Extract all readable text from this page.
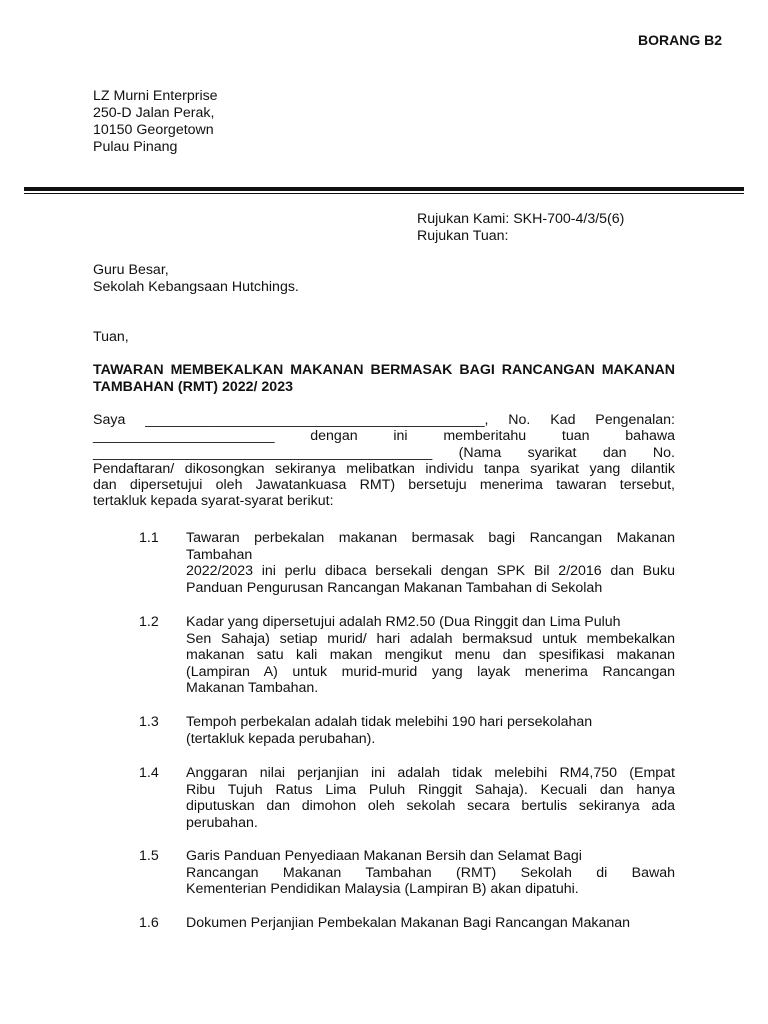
BORANG B2
LZ Murni Enterprise
250-D Jalan Perak,
10150 Georgetown
Pulau Pinang
Rujukan Kami: SKH-700-4/3/5(6)
Rujukan Tuan:
Guru Besar,
Sekolah Kebangsaan Hutchings.
Tuan,
TAWARAN MEMBEKALKAN MAKANAN BERMASAK BAGI RANCANGAN MAKANAN TAMBAHAN (RMT) 2022/ 2023
Saya ___________________________________________, No. Kad Pengenalan:
_______________________ dengan ini memberitahu tuan bahawa
___________________________________________ (Nama syarikat dan No.
Pendaftaran/ dikosongkan sekiranya melibatkan individu tanpa syarikat yang dilantik
dan dipersetujui oleh Jawatankuasa RMT) bersetuju menerima tawaran tersebut,
tertakluk kepada syarat-syarat berikut:
1.1	Tawaran perbekalan makanan bermasak bagi Rancangan Makanan
Tambahan
2022/2023 ini perlu dibaca bersekali dengan SPK Bil 2/2016 dan Buku
Panduan Pengurusan Rancangan Makanan Tambahan di Sekolah
1.2	Kadar yang dipersetujui adalah RM2.50 (Dua Ringgit dan Lima Puluh
Sen Sahaja) setiap murid/ hari adalah bermaksud untuk membekalkan
makanan satu kali makan mengikut menu dan spesifikasi makanan
(Lampiran A) untuk murid-murid yang layak menerima Rancangan
Makanan Tambahan.
1.3	Tempoh perbekalan adalah tidak melebihi 190 hari persekolahan
(tertakluk kepada perubahan).
1.4	Anggaran nilai perjanjian ini adalah tidak melebihi RM4,750 (Empat
Ribu Tujuh Ratus Lima Puluh Ringgit Sahaja). Kecuali dan hanya
diputuskan dan dimohon oleh sekolah secara bertulis sekiranya ada
perubahan.
1.5	Garis Panduan Penyediaan Makanan Bersih dan Selamat Bagi
Rancangan Makanan Tambahan (RMT) Sekolah di Bawah
Kementerian Pendidikan Malaysia (Lampiran B) akan dipatuhi.
1.6	Dokumen Perjanjian Pembekalan Makanan Bagi Rancangan Makanan
